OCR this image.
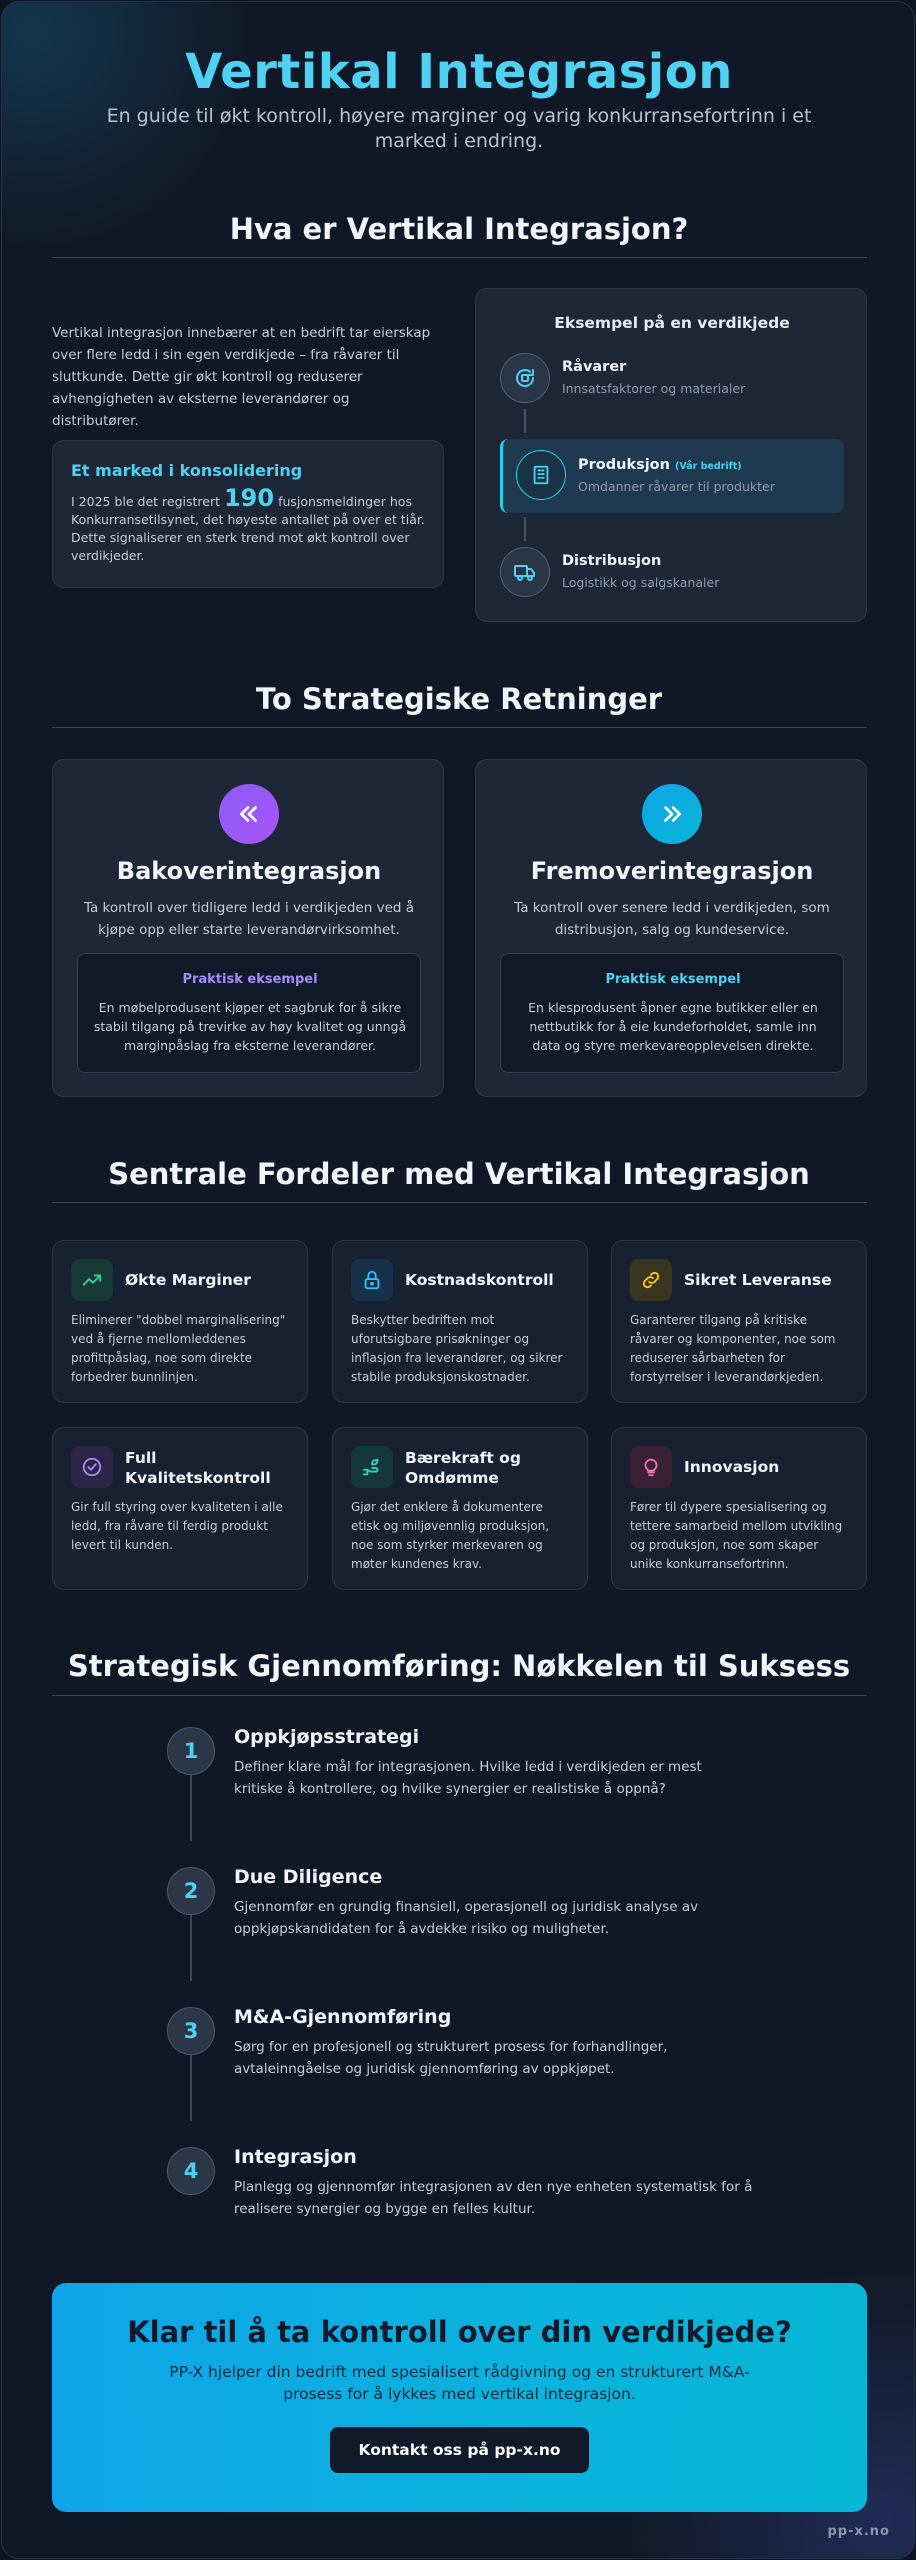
Vertikal Integrasjon
En guide til økt kontroll, høyere marginer og varig konkurransefortrinn i et marked i endring.
Hva er Vertikal Integrasjon?
Vertikal integrasjon innebærer at en bedrift tar eierskap over flere ledd i sin egen verdikjede – fra råvarer til sluttkunde. Dette gir økt kontroll og reduserer avhengigheten av eksterne leverandører og distributører.
Et marked i konsolidering
I 2025 ble det registrert 190 fusjonsmeldinger hos Konkurransetilsynet, det høyeste antallet på over et tiår. Dette signaliserer en sterk trend mot økt kontroll over verdikjeder.
Eksempel på en verdikjede
Råvarer
Innsatsfaktorer og materialer
Produksjon (Vår bedrift)
Omdanner råvarer til produkter
Distribusjon
Logistikk og salgskanaler
To Strategiske Retninger
Bakoverintegrasjon
Ta kontroll over tidligere ledd i verdikjeden ved å kjøpe opp eller starte leverandørvirksomhet.
Praktisk eksempel
En møbelprodusent kjøper et sagbruk for å sikre stabil tilgang på trevirke av høy kvalitet og unngå marginpåslag fra eksterne leverandører.
Fremoverintegrasjon
Ta kontroll over senere ledd i verdikjeden, som distribusjon, salg og kundeservice.
Praktisk eksempel
En klesprodusent åpner egne butikker eller en nettbutikk for å eie kundeforholdet, samle inn data og styre merkevareopplevelsen direkte.
Sentrale Fordeler med Vertikal Integrasjon
Økte Marginer
Eliminerer "dobbel marginalisering" ved å fjerne mellomleddenes profittpåslag, noe som direkte forbedrer bunnlinjen.
Kostnadskontroll
Beskytter bedriften mot uforutsigbare prisøkninger og inflasjon fra leverandører, og sikrer stabile produksjonskostnader.
Sikret Leveranse
Garanterer tilgang på kritiske råvarer og komponenter, noe som reduserer sårbarheten for forstyrrelser i leverandørkjeden.
Full Kvalitetskontroll
Gir full styring over kvaliteten i alle ledd, fra råvare til ferdig produkt levert til kunden.
Bærekraft og Omdømme
Gjør det enklere å dokumentere etisk og miljøvennlig produksjon, noe som styrker merkevaren og møter kundenes krav.
Innovasjon
Fører til dypere spesialisering og tettere samarbeid mellom utvikling og produksjon, noe som skaper unike konkurransefortrinn.
Strategisk Gjennomføring: Nøkkelen til Suksess
1
Oppkjøpsstrategi
Definer klare mål for integrasjonen. Hvilke ledd i verdikjeden er mest kritiske å kontrollere, og hvilke synergier er realistiske å oppnå?
2
Due Diligence
Gjennomfør en grundig finansiell, operasjonell og juridisk analyse av oppkjøpskandidaten for å avdekke risiko og muligheter.
3
M&A-Gjennomføring
Sørg for en profesjonell og strukturert prosess for forhandlinger, avtaleinngåelse og juridisk gjennomføring av oppkjøpet.
4
Integrasjon
Planlegg og gjennomfør integrasjonen av den nye enheten systematisk for å realisere synergier og bygge en felles kultur.
Klar til å ta kontroll over din verdikjede?
PP-X hjelper din bedrift med spesialisert rådgivning og en strukturert M&A-prosess for å lykkes med vertikal integrasjon.
Kontakt oss på pp-x.no
pp-x.no
